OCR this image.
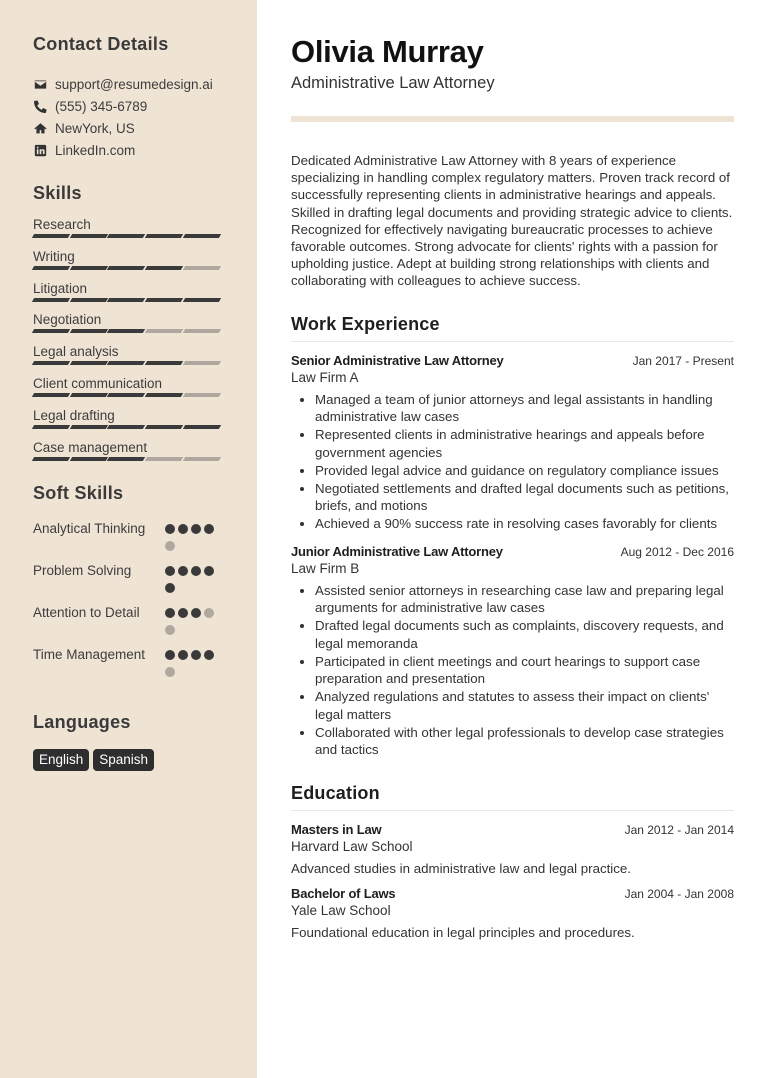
Contact Details
support@resumedesign.ai
(555) 345-6789
NewYork, US
LinkedIn.com
Skills
Research
Writing
Litigation
Negotiation
Legal analysis
Client communication
Legal drafting
Case management
Soft Skills
Analytical Thinking
Problem Solving
Attention to Detail
Time Management
Languages
English	Spanish
Olivia Murray
Administrative Law Attorney
Dedicated Administrative Law Attorney with 8 years of experience specializing in handling complex regulatory matters. Proven track record of successfully representing clients in administrative hearings and appeals. Skilled in drafting legal documents and providing strategic advice to clients. Recognized for effectively navigating bureaucratic processes to achieve favorable outcomes. Strong advocate for clients' rights with a passion for upholding justice. Adept at building strong relationships with clients and collaborating with colleagues to achieve success.
Work Experience
Senior Administrative Law Attorney	Jan 2017 - Present
Law Firm A
• Managed a team of junior attorneys and legal assistants in handling administrative law cases
• Represented clients in administrative hearings and appeals before government agencies
• Provided legal advice and guidance on regulatory compliance issues
• Negotiated settlements and drafted legal documents such as petitions, briefs, and motions
• Achieved a 90% success rate in resolving cases favorably for clients
Junior Administrative Law Attorney	Aug 2012 - Dec 2016
Law Firm B
• Assisted senior attorneys in researching case law and preparing legal arguments for administrative law cases
• Drafted legal documents such as complaints, discovery requests, and legal memoranda
• Participated in client meetings and court hearings to support case preparation and presentation
• Analyzed regulations and statutes to assess their impact on clients' legal matters
• Collaborated with other legal professionals to develop case strategies and tactics
Education
Masters in Law	Jan 2012 - Jan 2014
Harvard Law School
Advanced studies in administrative law and legal practice.
Bachelor of Laws	Jan 2004 - Jan 2008
Yale Law School
Foundational education in legal principles and procedures.
